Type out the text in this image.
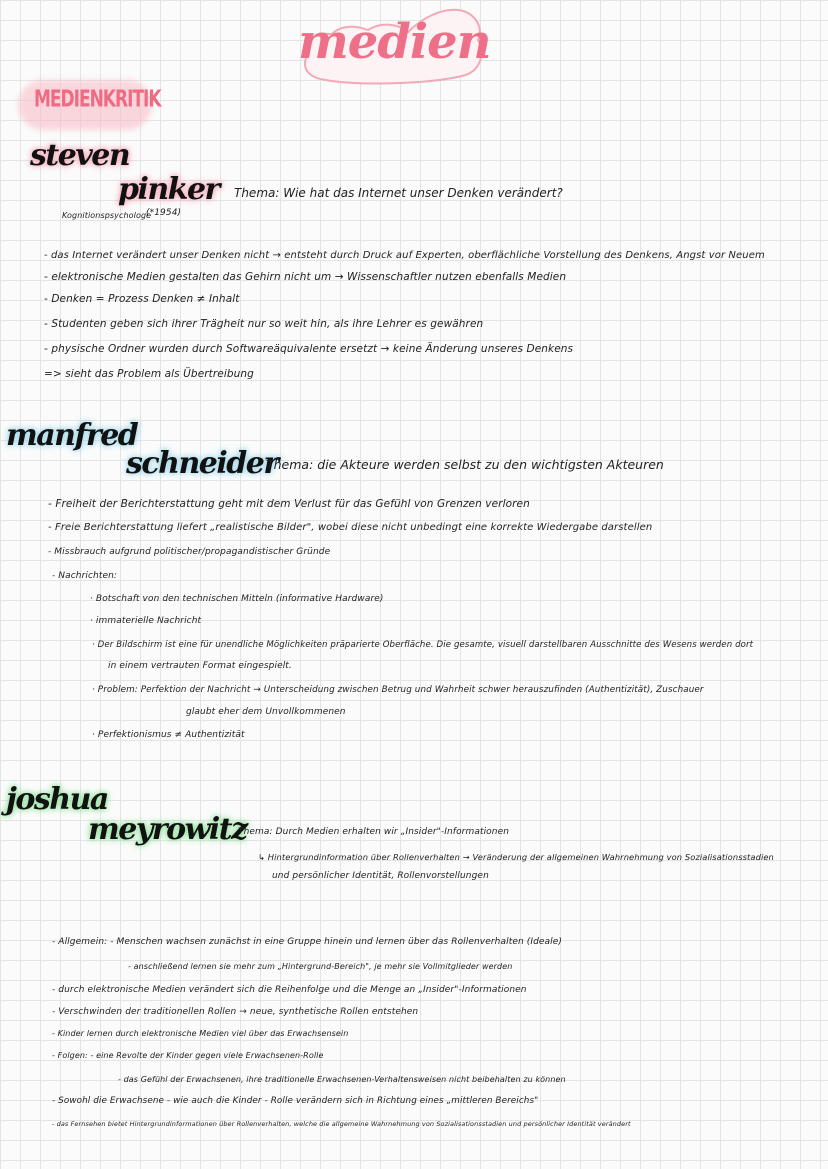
medien
MEDIENKRITIK
steven
pinker
Kognitionspsychologe
(*1954)
Thema: Wie hat das Internet unser Denken verändert?
- das Internet verändert unser Denken nicht → entsteht durch Druck auf Experten, oberflächliche Vorstellung des Denkens, Angst vor Neuem
- elektronische Medien gestalten das Gehirn nicht um → Wissenschaftler nutzen ebenfalls Medien
- Denken = Prozess Denken ≠ Inhalt
- Studenten geben sich ihrer Trägheit nur so weit hin, als ihre Lehrer es gewähren
- physische Ordner wurden durch Softwareäquivalente ersetzt → keine Änderung unseres Denkens
=> sieht das Problem als Übertreibung
manfred
schneider
Thema: die Akteure werden selbst zu den wichtigsten Akteuren
- Freiheit der Berichterstattung geht mit dem Verlust für das Gefühl von Grenzen verloren
- Freie Berichterstattung liefert „realistische Bilder", wobei diese nicht unbedingt eine korrekte Wiedergabe darstellen
- Missbrauch aufgrund politischer/propagandistischer Gründe
- Nachrichten:
· Botschaft von den technischen Mitteln (informative Hardware)
· immaterielle Nachricht
· Der Bildschirm ist eine für unendliche Möglichkeiten präparierte Oberfläche. Die gesamte, visuell darstellbaren Ausschnitte des Wesens werden dort
in einem vertrauten Format eingespielt.
· Problem: Perfektion der Nachricht → Unterscheidung zwischen Betrug und Wahrheit schwer herauszufinden (Authentizität), Zuschauer
glaubt eher dem Unvollkommenen
· Perfektionismus ≠ Authentizität
joshua
meyrowitz
Thema: Durch Medien erhalten wir „Insider"-Informationen
↳ Hintergrundinformation über Rollenverhalten → Veränderung der allgemeinen Wahrnehmung von Sozialisationsstadien
und persönlicher Identität, Rollenvorstellungen
- Allgemein: - Menschen wachsen zunächst in eine Gruppe hinein und lernen über das Rollenverhalten (Ideale)
- anschließend lernen sie mehr zum „Hintergrund-Bereich", je mehr sie Vollmitglieder werden
- durch elektronische Medien verändert sich die Reihenfolge und die Menge an „Insider"-Informationen
- Verschwinden der traditionellen Rollen → neue, synthetische Rollen entstehen
- Kinder lernen durch elektronische Medien viel über das Erwachsensein
- Folgen: - eine Revolte der Kinder gegen viele Erwachsenen-Rolle
- das Gefühl der Erwachsenen, ihre traditionelle Erwachsenen-Verhaltensweisen nicht beibehalten zu können
- Sowohl die Erwachsene - wie auch die Kinder - Rolle verändern sich in Richtung eines „mittleren Bereichs"
- das Fernsehen bietet Hintergrundinformationen über Rollenverhalten, welche die allgemeine Wahrnehmung von Sozialisationsstadien und persönlicher Identität verändert
